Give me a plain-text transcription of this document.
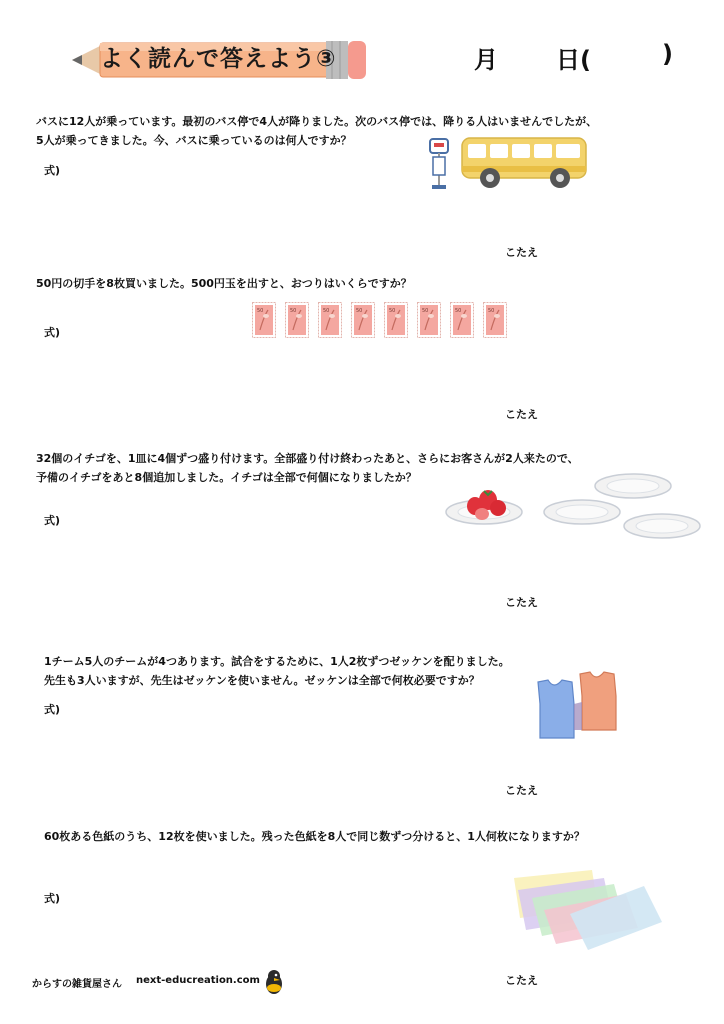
よく読んで答えよう③	月 日(	)
バスに12人が乗っています。最初のバス停で4人が降りました。次のバス停では、降りる人はいませんでしたが、
5人が乗ってきました。今、バスに乗っているのは何人ですか？
式)
こたえ
50円の切手を8枚買いました。500円玉を出すと、おつりはいくらですか？
式)
50	50	50	50	50	50	50	50
こたえ
32個のイチゴを、1皿に4個ずつ盛り付けます。全部盛り付け終わったあと、さらにお客さんが2人来たので、
予備のイチゴをあと8個追加しました。イチゴは全部で何個になりましたか？
式)
こたえ
1チーム5人のチームが4つあります。試合をするために、1人2枚ずつゼッケンを配りました。
先生も3人いますが、先生はゼッケンを使いません。ゼッケンは全部で何枚必要ですか？
式)
こたえ
60枚ある色紙のうち、12枚を使いました。残った色紙を8人で同じ数ずつ分けると、1人何枚になりますか？
式)
こたえ
からすの雑貨屋さん next-educreation.com
